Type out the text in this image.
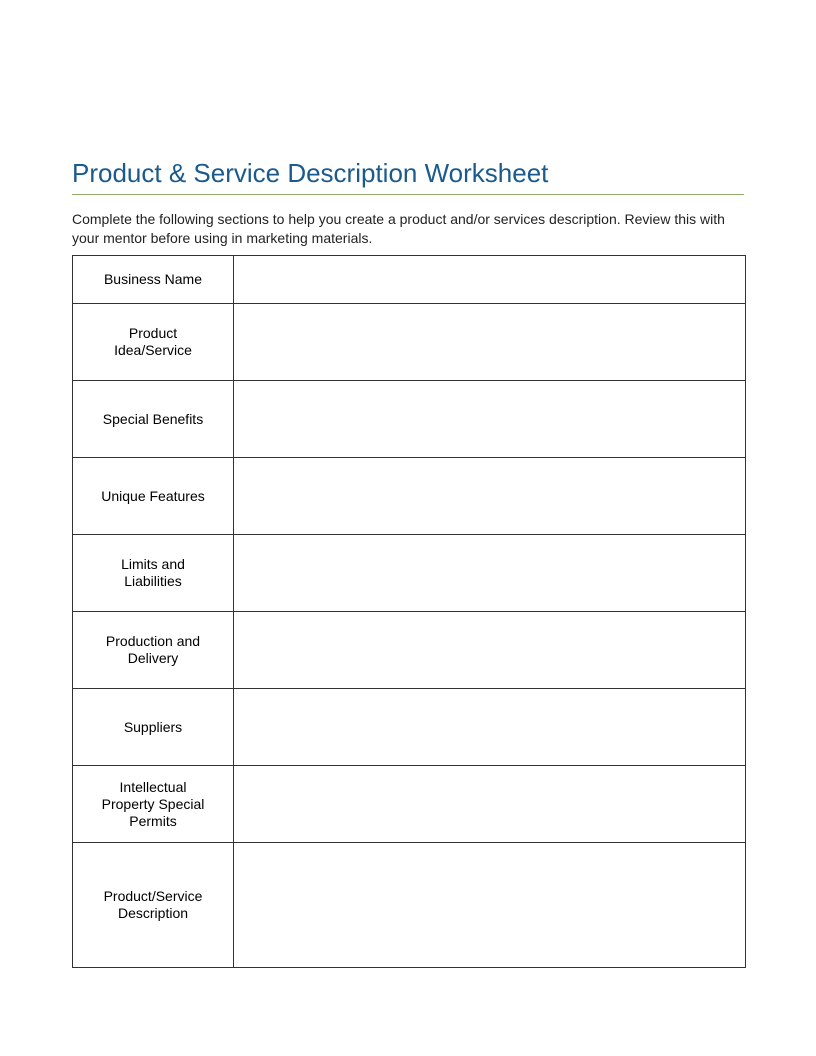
Product & Service Description Worksheet

Complete the following sections to help you create a product and/or services description. Review this with your mentor before using in marketing materials.

Business Name	
Product Idea/Service	
Special Benefits	
Unique Features	
Limits and Liabilities	
Production and Delivery	
Suppliers	
Intellectual Property Special Permits	
Product/Service Description	
